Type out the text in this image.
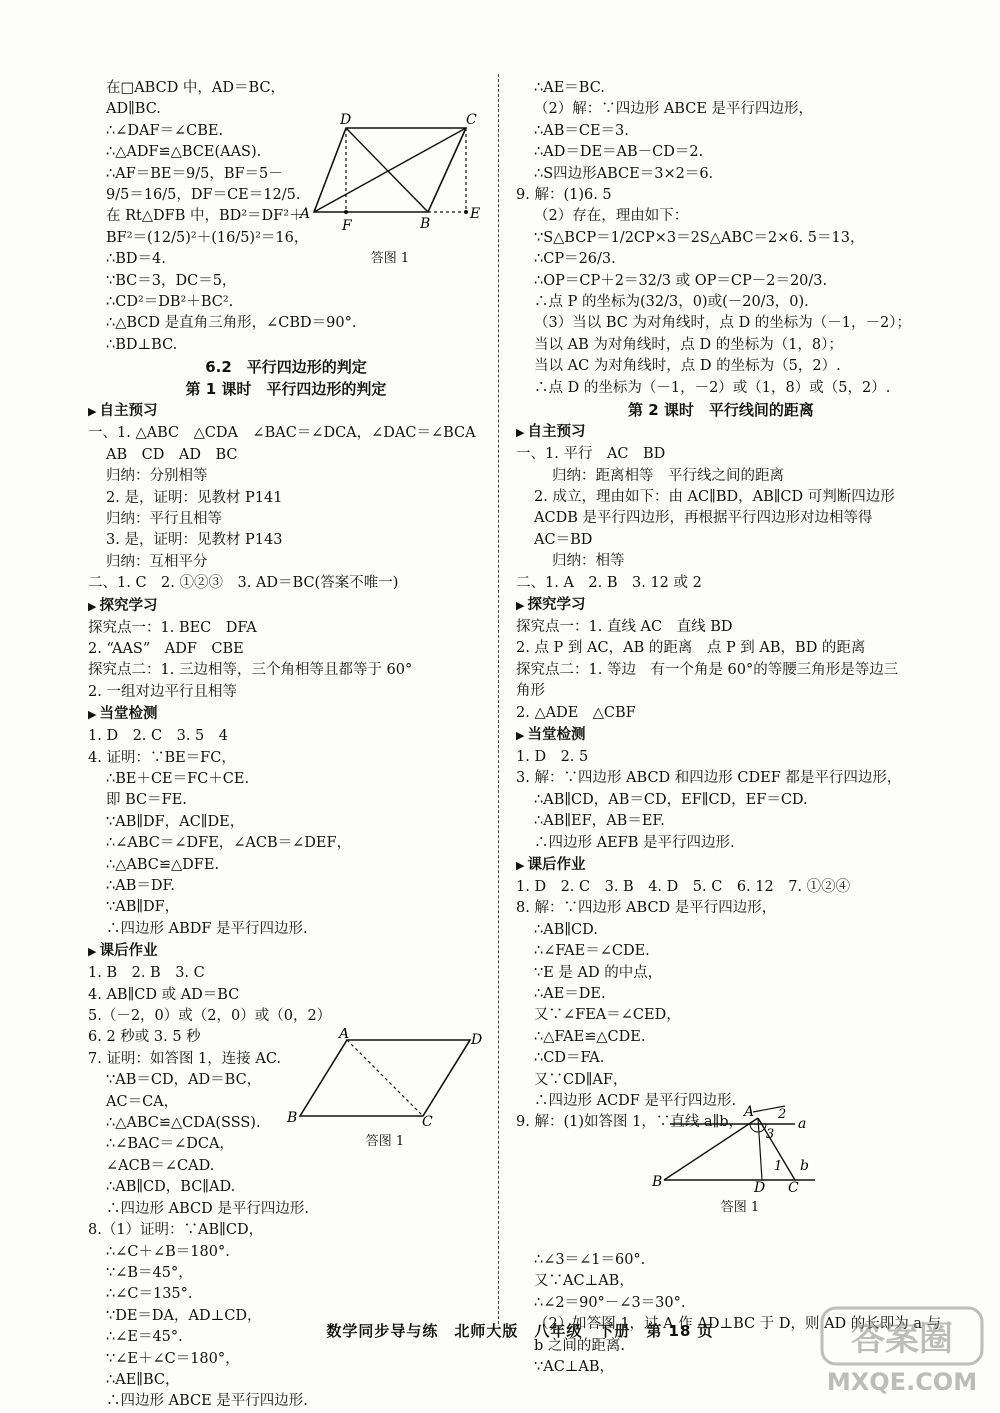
在□ABCD 中，AD＝BC，
AD∥BC.
∴∠DAF＝∠CBE.
∴△ADF≌△BCE(AAS).
∴AF＝BE＝9/5，BF＝5－
9/5＝16/5，DF＝CE＝12/5.
在 Rt△DFB 中，BD²＝DF²＋
BF²＝(12/5)²＋(16/5)²＝16，
∴BD＝4.
∵BC＝3，DC＝5，
∴CD²＝DB²＋BC².
∴△BCD 是直角三角形，∠CBD＝90°.
∴BD⊥BC.
6.2　平行四边形的判定
第 1 课时　平行四边形的判定
▶ 自主预习
一、1. △ABC　△CDA　∠BAC＝∠DCA，∠DAC＝∠BCA
AB　CD　AD　BC
归纳：分别相等
2. 是，证明：见教材 P141
归纳：平行且相等
3. 是，证明：见教材 P143
归纳：互相平分
二、1. C　2. ①②③　3. AD＝BC(答案不唯一)
▶ 探究学习
探究点一：1. BEC　DFA
2. “AAS”　ADF　CBE
探究点二：1. 三边相等，三个角相等且都等于 60°
2. 一组对边平行且相等
▶ 当堂检测
1. D　2. C　3. 5　4
4. 证明：∵BE＝FC，
∴BE＋CE＝FC＋CE.
即 BC＝FE.
∵AB∥DF，AC∥DE，
∴∠ABC＝∠DFE，∠ACB＝∠DEF，
∴△ABC≌△DFE.
∴AB＝DF.
∵AB∥DF，
∴四边形 ABDF 是平行四边形.
▶ 课后作业
1. B　2. B　3. C
4. AB∥CD 或 AD＝BC
5.（－2，0）或（2，0）或（0，2）
6. 2 秒或 3. 5 秒
7. 证明：如答图 1，连接 AC.
∵AB＝CD，AD＝BC，
AC＝CA，
∴△ABC≌△CDA(SSS).
∴∠BAC＝∠DCA，
∠ACB＝∠CAD.
∴AB∥CD，BC∥AD.
∴四边形 ABCD 是平行四边形.
8.（1）证明：∵AB∥CD，
∴∠C＋∠B＝180°.
∵∠B＝45°，
∴∠C＝135°.
∵DE＝DA，AD⊥CD，
∴∠E＝45°.
∵∠E＋∠C＝180°，
∴AE∥BC，
∴四边形 ABCE 是平行四边形.
∴AE＝BC.
（2）解：∵四边形 ABCE 是平行四边形，
∴AB＝CE＝3.
∴AD＝DE＝AB－CD＝2.
∴S四边形ABCE＝3×2＝6.
9. 解：(1)6. 5
（2）存在，理由如下：
∵S△BCP＝1/2CP×3＝2S△ABC＝2×6. 5＝13，
∴CP＝26/3.
∴OP＝CP＋2＝32/3 或 OP＝CP－2＝20/3.
∴点 P 的坐标为(32/3，0)或(－20/3，0).
（3）当以 BC 为对角线时，点 D 的坐标为（－1，－2）；
当以 AB 为对角线时，点 D 的坐标为（1，8）；
当以 AC 为对角线时，点 D 的坐标为（5，2）.
∴点 D 的坐标为（－1，－2）或（1，8）或（5，2）.
第 2 课时　平行线间的距离
▶ 自主预习
一、1. 平行　AC　BD
归纳：距离相等　平行线之间的距离
2. 成立，理由如下：由 AC∥BD，AB∥CD 可判断四边形
ACDB 是平行四边形，再根据平行四边形对边相等得
AC＝BD
归纳：相等
二、1. A　2. B　3. 12 或 2
▶ 探究学习
探究点一：1. 直线 AC　直线 BD
2. 点 P 到 AC，AB 的距离　点 P 到 AB，BD 的距离
探究点二：1. 等边　有一个角是 60°的等腰三角形是等边三
角形
2. △ADE　△CBF
▶ 当堂检测
1. D　2. 5
3. 解：∵四边形 ABCD 和四边形 CDEF 都是平行四边形，
∴AB∥CD，AB＝CD，EF∥CD，EF＝CD.
∴AB∥EF，AB＝EF.
∴四边形 AEFB 是平行四边形.
▶ 课后作业
1. D　2. C　3. B　4. D　5. C　6. 12　7. ①②④
8. 解：∵四边形 ABCD 是平行四边形，
∴AB∥CD.
∴∠FAE＝∠CDE.
∵E 是 AD 的中点，
∴AE＝DE.
又∵∠FEA＝∠CED，
∴△FAE≌△CDE.
∴CD＝FA.
又∵CD∥AF，
∴四边形 ACDF 是平行四边形.
9. 解：(1)如答图 1，∵直线 a∥b，
∴∠3＝∠1＝60°.
又∵AC⊥AB，
∴∠2＝90°－∠3＝30°.
（2）如答图 1，过 A 作 AD⊥BC 于 D，则 AD 的长即为 a 与
b 之间的距离.
∵AC⊥AB，
D	C
A
F	B
E
答图 1
A	D
B	C
答图 1
A 2
3
a
1 b
B	D C
答图 1
数学同步导与练　北师大版　八年级　下册　第 18 页	答案圈
MXQE.COM
